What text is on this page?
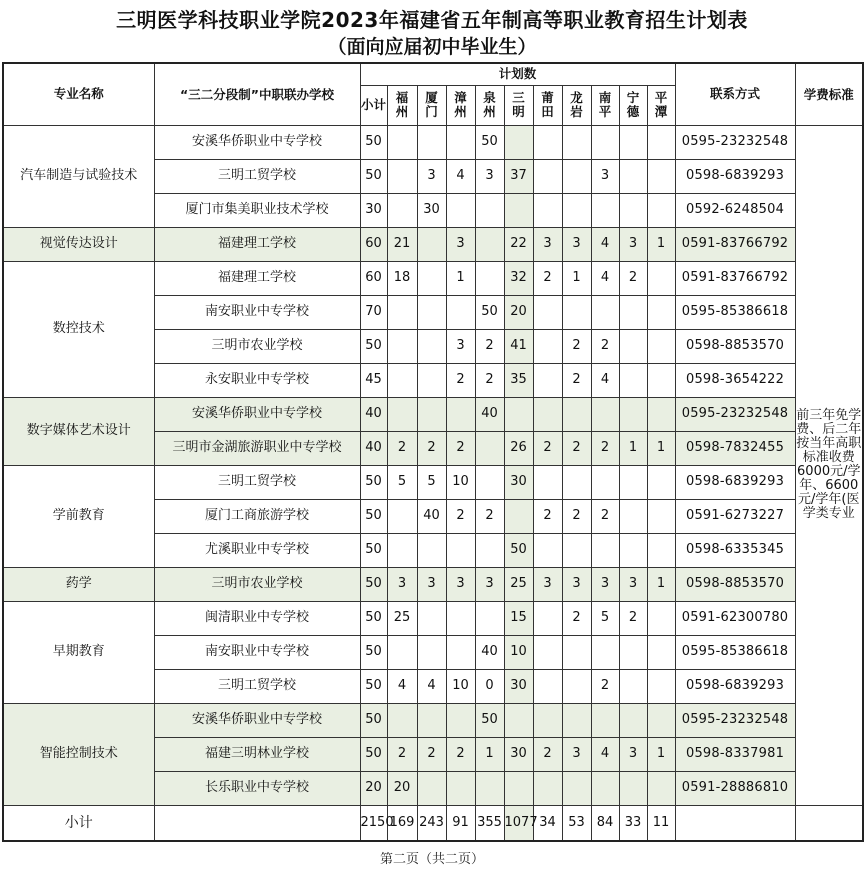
三明医学科技职业学院2023年福建省五年制高等职业教育招生计划表
（面向应届初中毕业生）
专业名称	“三二分段制”中职联办学校	计划数											联系方式	学费标准
		小计	福州	厦门	漳州	泉州	三明	莆田	龙岩	南平	宁德	平潭		
汽车制造与试验技术	安溪华侨职业中专学校	50				50							0595-23232548	前三年免学费、后二年按当年高职标准收费6000元/学年、6600元/学年(医学类专业
	三明工贸学校	50		3	4	3	37			3			0598-6839293	
	厦门市集美职业技术学校	30		30									0592-6248504	
视觉传达设计	福建理工学校	60	21		3		22	3	3	4	3	1	0591-83766792	
数控技术	福建理工学校	60	18		1		32	2	1	4	2		0591-83766792	
	南安职业中专学校	70				50	20						0595-85386618	
	三明市农业学校	50			3	2	41		2	2			0598-8853570	
	永安职业中专学校	45			2	2	35		2	4			0598-3654222	
数字媒体艺术设计	安溪华侨职业中专学校	40				40							0595-23232548	
	三明市金湖旅游职业中专学校	40	2	2	2		26	2	2	2	1	1	0598-7832455	
学前教育	三明工贸学校	50	5	5	10		30						0598-6839293	
	厦门工商旅游学校	50		40	2	2		2	2	2			0591-6273227	
	尤溪职业中专学校	50					50						0598-6335345	
药学	三明市农业学校	50	3	3	3	3	25	3	3	3	3	1	0598-8853570	
早期教育	闽清职业中专学校	50	25				15		2	5	2		0591-62300780	
	南安职业中专学校	50				40	10						0595-85386618	
	三明工贸学校	50	4	4	10	0	30			2			0598-6839293	
智能控制技术	安溪华侨职业中专学校	50				50							0595-23232548	
	福建三明林业学校	50	2	2	2	1	30	2	3	4	3	1	0598-8337981	
	长乐职业中专学校	20	20										0591-28886810	
小计		2150	169	243	91	355	1077	34	53	84	33	11		
第二页（共二页）
